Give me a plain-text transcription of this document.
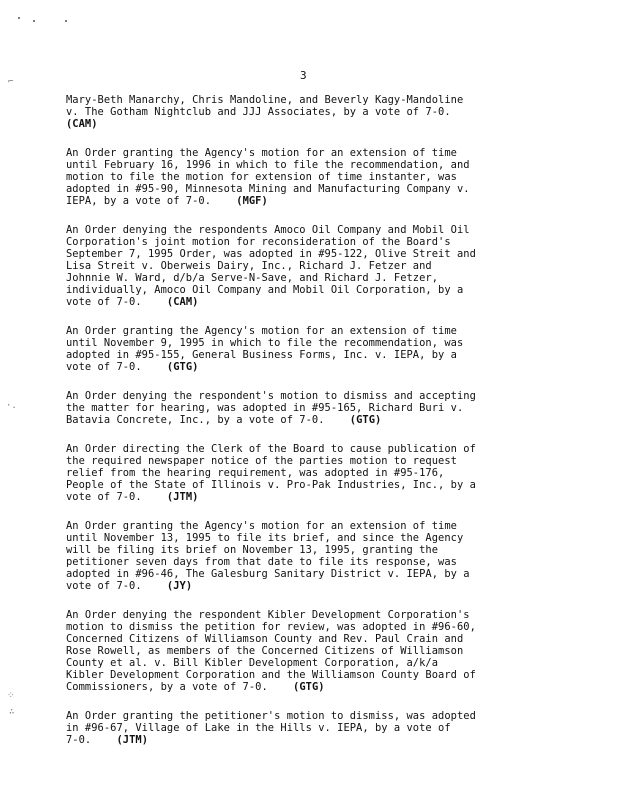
⌐
·.
⁘
∴
3

Mary-Beth Manarchy, Chris Mandoline, and Beverly Kagy-Mandoline
v. The Gotham Nightclub and JJJ Associates, by a vote of 7-0.
(CAM)

An Order granting the Agency's motion for an extension of time
until February 16, 1996 in which to file the recommendation, and
motion to file the motion for extension of time instanter, was
adopted in #95-90, Minnesota Mining and Manufacturing Company v.
IEPA, by a vote of 7-0. (MGF)

An Order denying the respondents Amoco Oil Company and Mobil Oil
Corporation's joint motion for reconsideration of the Board's
September 7, 1995 Order, was adopted in #95-122, Olive Streit and
Lisa Streit v. Oberweis Dairy, Inc., Richard J. Fetzer and
Johnnie W. Ward, d/b/a Serve-N-Save, and Richard J. Fetzer,
individually, Amoco Oil Company and Mobil Oil Corporation, by a
vote of 7-0. (CAM)

An Order granting the Agency's motion for an extension of time
until November 9, 1995 in which to file the recommendation, was
adopted in #95-155, General Business Forms, Inc. v. IEPA, by a
vote of 7-0. (GTG)

An Order denying the respondent's motion to dismiss and accepting
the matter for hearing, was adopted in #95-165, Richard Buri v.
Batavia Concrete, Inc., by a vote of 7-0. (GTG)

An Order directing the Clerk of the Board to cause publication of
the required newspaper notice of the parties motion to request
relief from the hearing requirement, was adopted in #95-176,
People of the State of Illinois v. Pro-Pak Industries, Inc., by a
vote of 7-0. (JTM)

An Order granting the Agency's motion for an extension of time
until November 13, 1995 to file its brief, and since the Agency
will be filing its brief on November 13, 1995, granting the
petitioner seven days from that date to file its response, was
adopted in #96-46, The Galesburg Sanitary District v. IEPA, by a
vote of 7-0. (JY)

An Order denying the respondent Kibler Development Corporation's
motion to dismiss the petition for review, was adopted in #96-60,
Concerned Citizens of Williamson County and Rev. Paul Crain and
Rose Rowell, as members of the Concerned Citizens of Williamson
County et al. v. Bill Kibler Development Corporation, a/k/a
Kibler Development Corporation and the Williamson County Board of
Commissioners, by a vote of 7-0. (GTG)

An Order granting the petitioner's motion to dismiss, was adopted
in #96-67, Village of Lake in the Hills v. IEPA, by a vote of
7-0. (JTM)
